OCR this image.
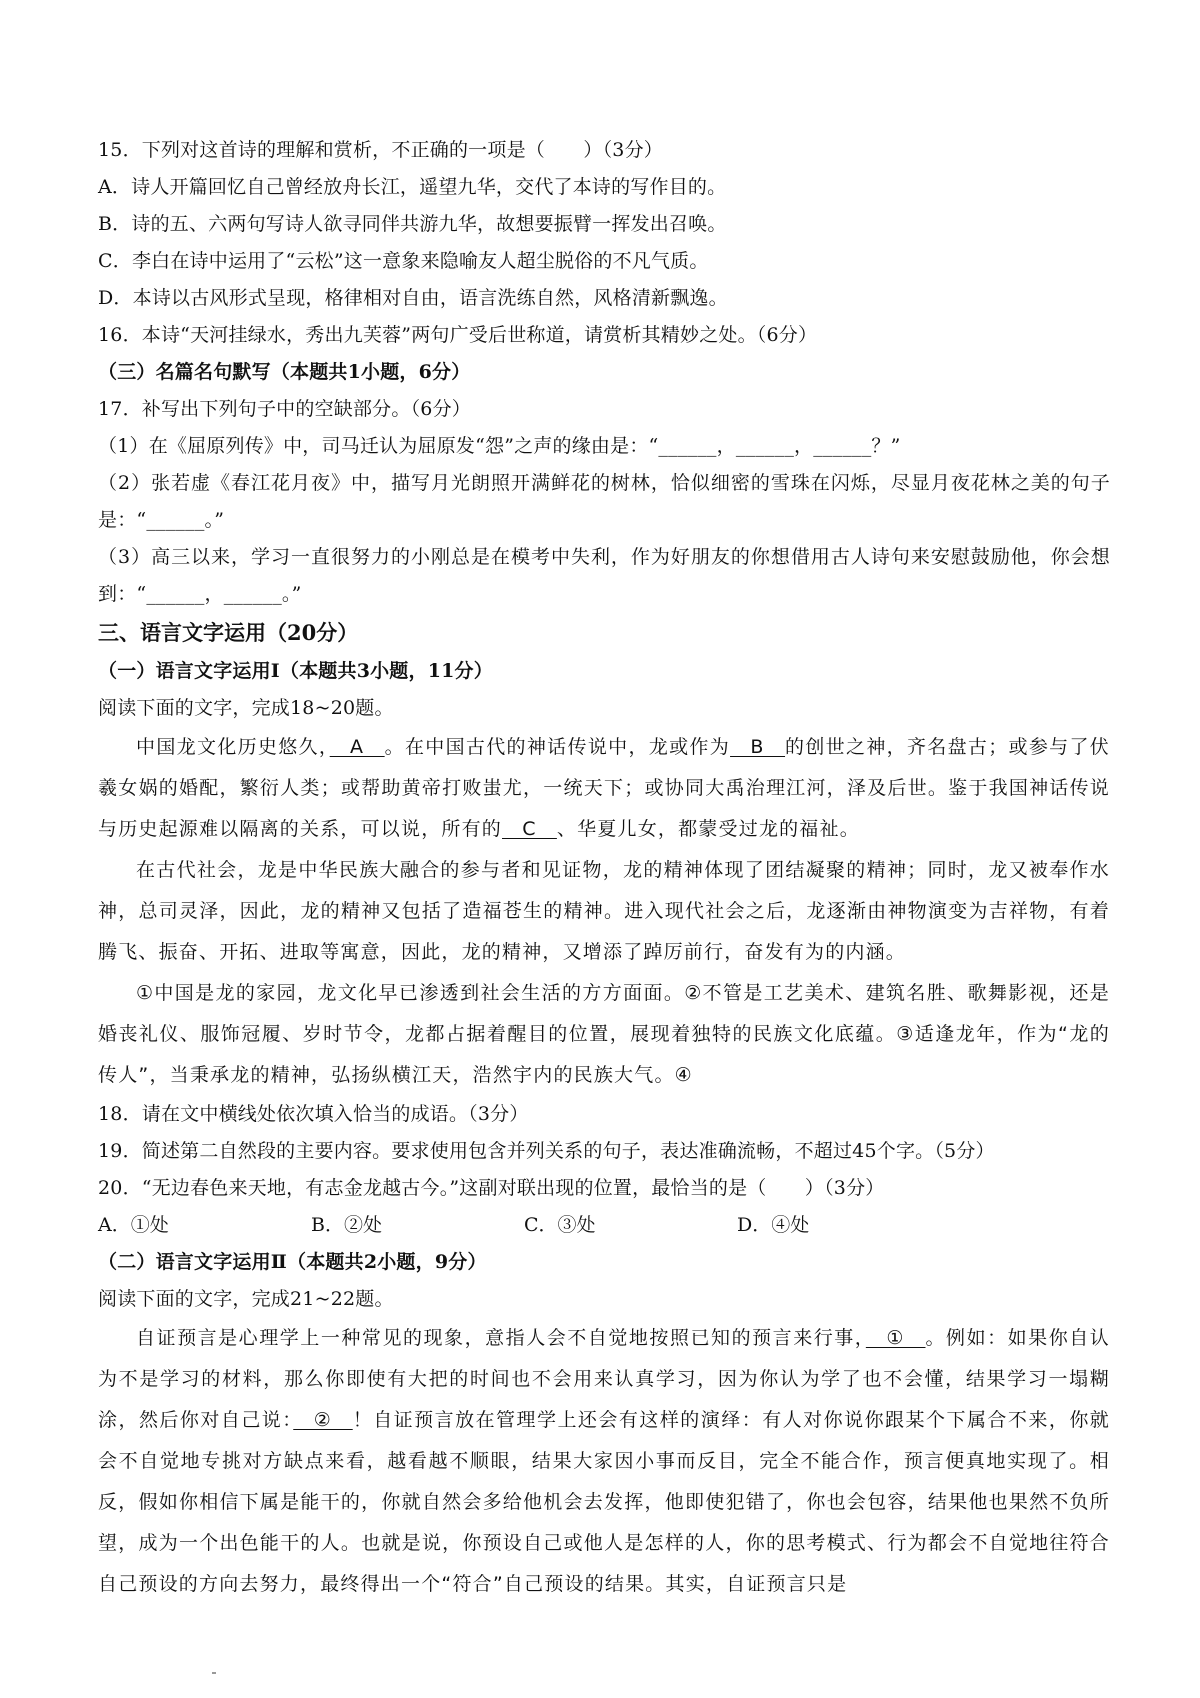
15．下列对这首诗的理解和赏析，不正确的一项是（　　）（3分）
A．诗人开篇回忆自己曾经放舟长江，遥望九华，交代了本诗的写作目的。
B．诗的五、六两句写诗人欲寻同伴共游九华，故想要振臂一挥发出召唤。
C．李白在诗中运用了“云松”这一意象来隐喻友人超尘脱俗的不凡气质。
D．本诗以古风形式呈现，格律相对自由，语言洗练自然，风格清新飘逸。
16．本诗“天河挂绿水，秀出九芙蓉”两句广受后世称道，请赏析其精妙之处。（6分）
（三）名篇名句默写（本题共1小题，6分）
17．补写出下列句子中的空缺部分。（6分）
（1）在《屈原列传》中，司马迁认为屈原发“怨”之声的缘由是：“______，______，______？”
（2）张若虚《春江花月夜》中，描写月光朗照开满鲜花的树林，恰似细密的雪珠在闪烁，尽显月夜花林之美的句子是：“______。”
（3）高三以来，学习一直很努力的小刚总是在模考中失利，作为好朋友的你想借用古人诗句来安慰鼓励他，你会想到：“______，______。”
三、语言文字运用（20分）
（一）语言文字运用Ⅰ（本题共3小题，11分）
阅读下面的文字，完成18~20题。
中国龙文化历史悠久，　A　。在中国古代的神话传说中，龙或作为　B　的创世之神，齐名盘古；或参与了伏羲女娲的婚配，繁衍人类；或帮助黄帝打败蚩尤，一统天下；或协同大禹治理江河，泽及后世。鉴于我国神话传说与历史起源难以隔离的关系，可以说，所有的　C　、华夏儿女，都蒙受过龙的福祉。
在古代社会，龙是中华民族大融合的参与者和见证物，龙的精神体现了团结凝聚的精神；同时，龙又被奉作水神，总司灵泽，因此，龙的精神又包括了造福苍生的精神。进入现代社会之后，龙逐渐由神物演变为吉祥物，有着腾飞、振奋、开拓、进取等寓意，因此，龙的精神，又增添了踔厉前行，奋发有为的内涵。
①中国是龙的家园，龙文化早已渗透到社会生活的方方面面。②不管是工艺美术、建筑名胜、歌舞影视，还是婚丧礼仪、服饰冠履、岁时节令，龙都占据着醒目的位置，展现着独特的民族文化底蕴。③适逢龙年，作为“龙的传人”，当秉承龙的精神，弘扬纵横江天，浩然宇内的民族大气。④
18．请在文中横线处依次填入恰当的成语。（3分）
19．简述第二自然段的主要内容。要求使用包含并列关系的句子，表达准确流畅，不超过45个字。（5分）
20．“无边春色来天地，有志金龙越古今。”这副对联出现的位置，最恰当的是（　　）（3分）
A．①处	B．②处	C．③处	D．④处
（二）语言文字运用Ⅱ（本题共2小题，9分）
阅读下面的文字，完成21~22题。
自证预言是心理学上一种常见的现象，意指人会不自觉地按照已知的预言来行事，　①　。例如：如果你自认为不是学习的材料，那么你即使有大把的时间也不会用来认真学习，因为你认为学了也不会懂，结果学习一塌糊涂，然后你对自己说：　②　！自证预言放在管理学上还会有这样的演绎：有人对你说你跟某个下属合不来，你就会不自觉地专挑对方缺点来看，越看越不顺眼，结果大家因小事而反目，完全不能合作，预言便真地实现了。相反，假如你相信下属是能干的，你就自然会多给他机会去发挥，他即使犯错了，你也会包容，结果他也果然不负所望，成为一个出色能干的人。也就是说，你预设自己或他人是怎样的人，你的思考模式、行为都会不自觉地往符合自己预设的方向去努力，最终得出一个“符合”自己预设的结果。其实，自证预言只是
